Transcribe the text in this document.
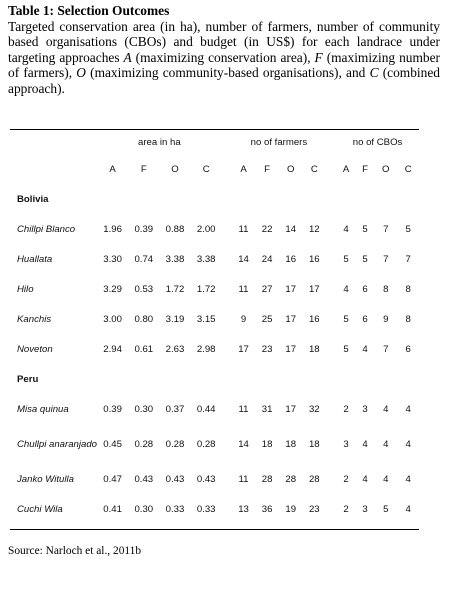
Table 1: Selection Outcomes
Targeted conservation area (in ha), number of farmers, number of community based organisations (CBOs) and budget (in US$) for each landrace under targeting approaches A (maximizing conservation area), F (maximizing number of farmers), O (maximizing community-based organisations), and C (combined approach).
	area in ha					no of farmers					no of CBOs			
	A	F	O	C		A	F	O	C		A	F	O	C
Bolivia														
Chillpi Blanco	1.96	0.39	0.88	2.00		11	22	14	12		4	5	7	5
Huallata	3.30	0.74	3.38	3.38		14	24	16	16		5	5	7	7
Hilo	3.29	0.53	1.72	1.72		11	27	17	17		4	6	8	8
Kanchis	3.00	0.80	3.19	3.15		9	25	17	16		5	6	9	8
Noveton	2.94	0.61	2.63	2.98		17	23	17	18		5	4	7	6
Peru														
Misa quinua	0.39	0.30	0.37	0.44		11	31	17	32		2	3	4	4
Chullpi anaranjado	0.45	0.28	0.28	0.28		14	18	18	18		3	4	4	4
Janko Witulla	0.47	0.43	0.43	0.43		11	28	28	28		2	4	4	4
Cuchi Wila	0.41	0.30	0.33	0.33		13	36	19	23		2	3	5	4
Source: Narloch et al., 2011b
